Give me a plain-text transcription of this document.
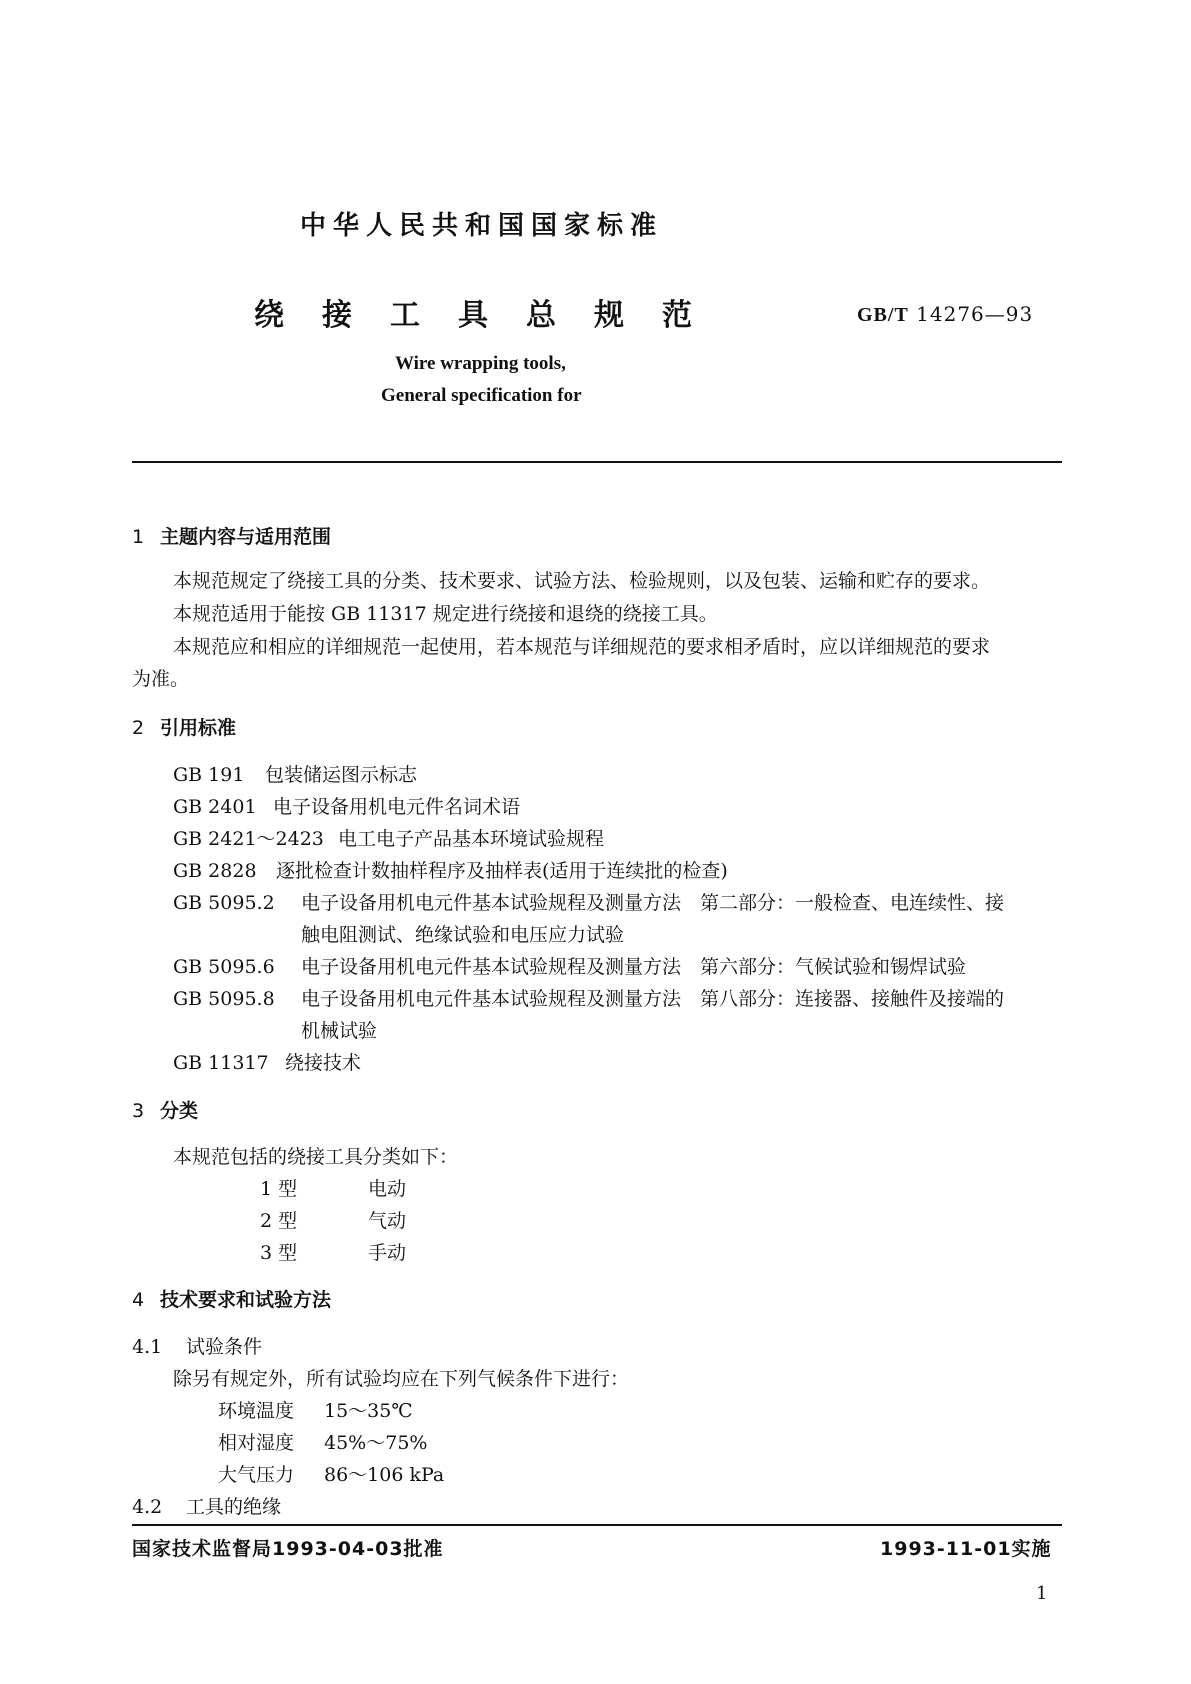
中华人民共和国国家标准
绕接工具总规范	GB/T 14276—93
Wire wrapping tools,
General specification for
1 主题内容与适用范围
本规范规定了绕接工具的分类、技术要求、试验方法、检验规则，以及包装、运输和贮存的要求。
本规范适用于能按 GB 11317 规定进行绕接和退绕的绕接工具。
本规范应和相应的详细规范一起使用，若本规范与详细规范的要求相矛盾时，应以详细规范的要求
为准。
2 引用标准
GB 191 包装储运图示标志
GB 2401 电子设备用机电元件名词术语
GB 2421～2423 电工电子产品基本环境试验规程
GB 2828 逐批检查计数抽样程序及抽样表(适用于连续批的检查)
GB 5095.2 电子设备用机电元件基本试验规程及测量方法　第二部分：一般检查、电连续性、接
触电阻测试、绝缘试验和电压应力试验
GB 5095.6 电子设备用机电元件基本试验规程及测量方法　第六部分：气候试验和锡焊试验
GB 5095.8 电子设备用机电元件基本试验规程及测量方法　第八部分：连接器、接触件及接端的
机械试验
GB 11317 绕接技术
3 分类
本规范包括的绕接工具分类如下：
1 型	电动
2 型	气动
3 型	手动
4 技术要求和试验方法
4.1 试验条件
除另有规定外，所有试验均应在下列气候条件下进行：
环境温度 15～35℃
相对湿度 45%～75%
大气压力 86～106 kPa
4.2 工具的绝缘
国家技术监督局1993-04-03批准	1993-11-01实施
1
